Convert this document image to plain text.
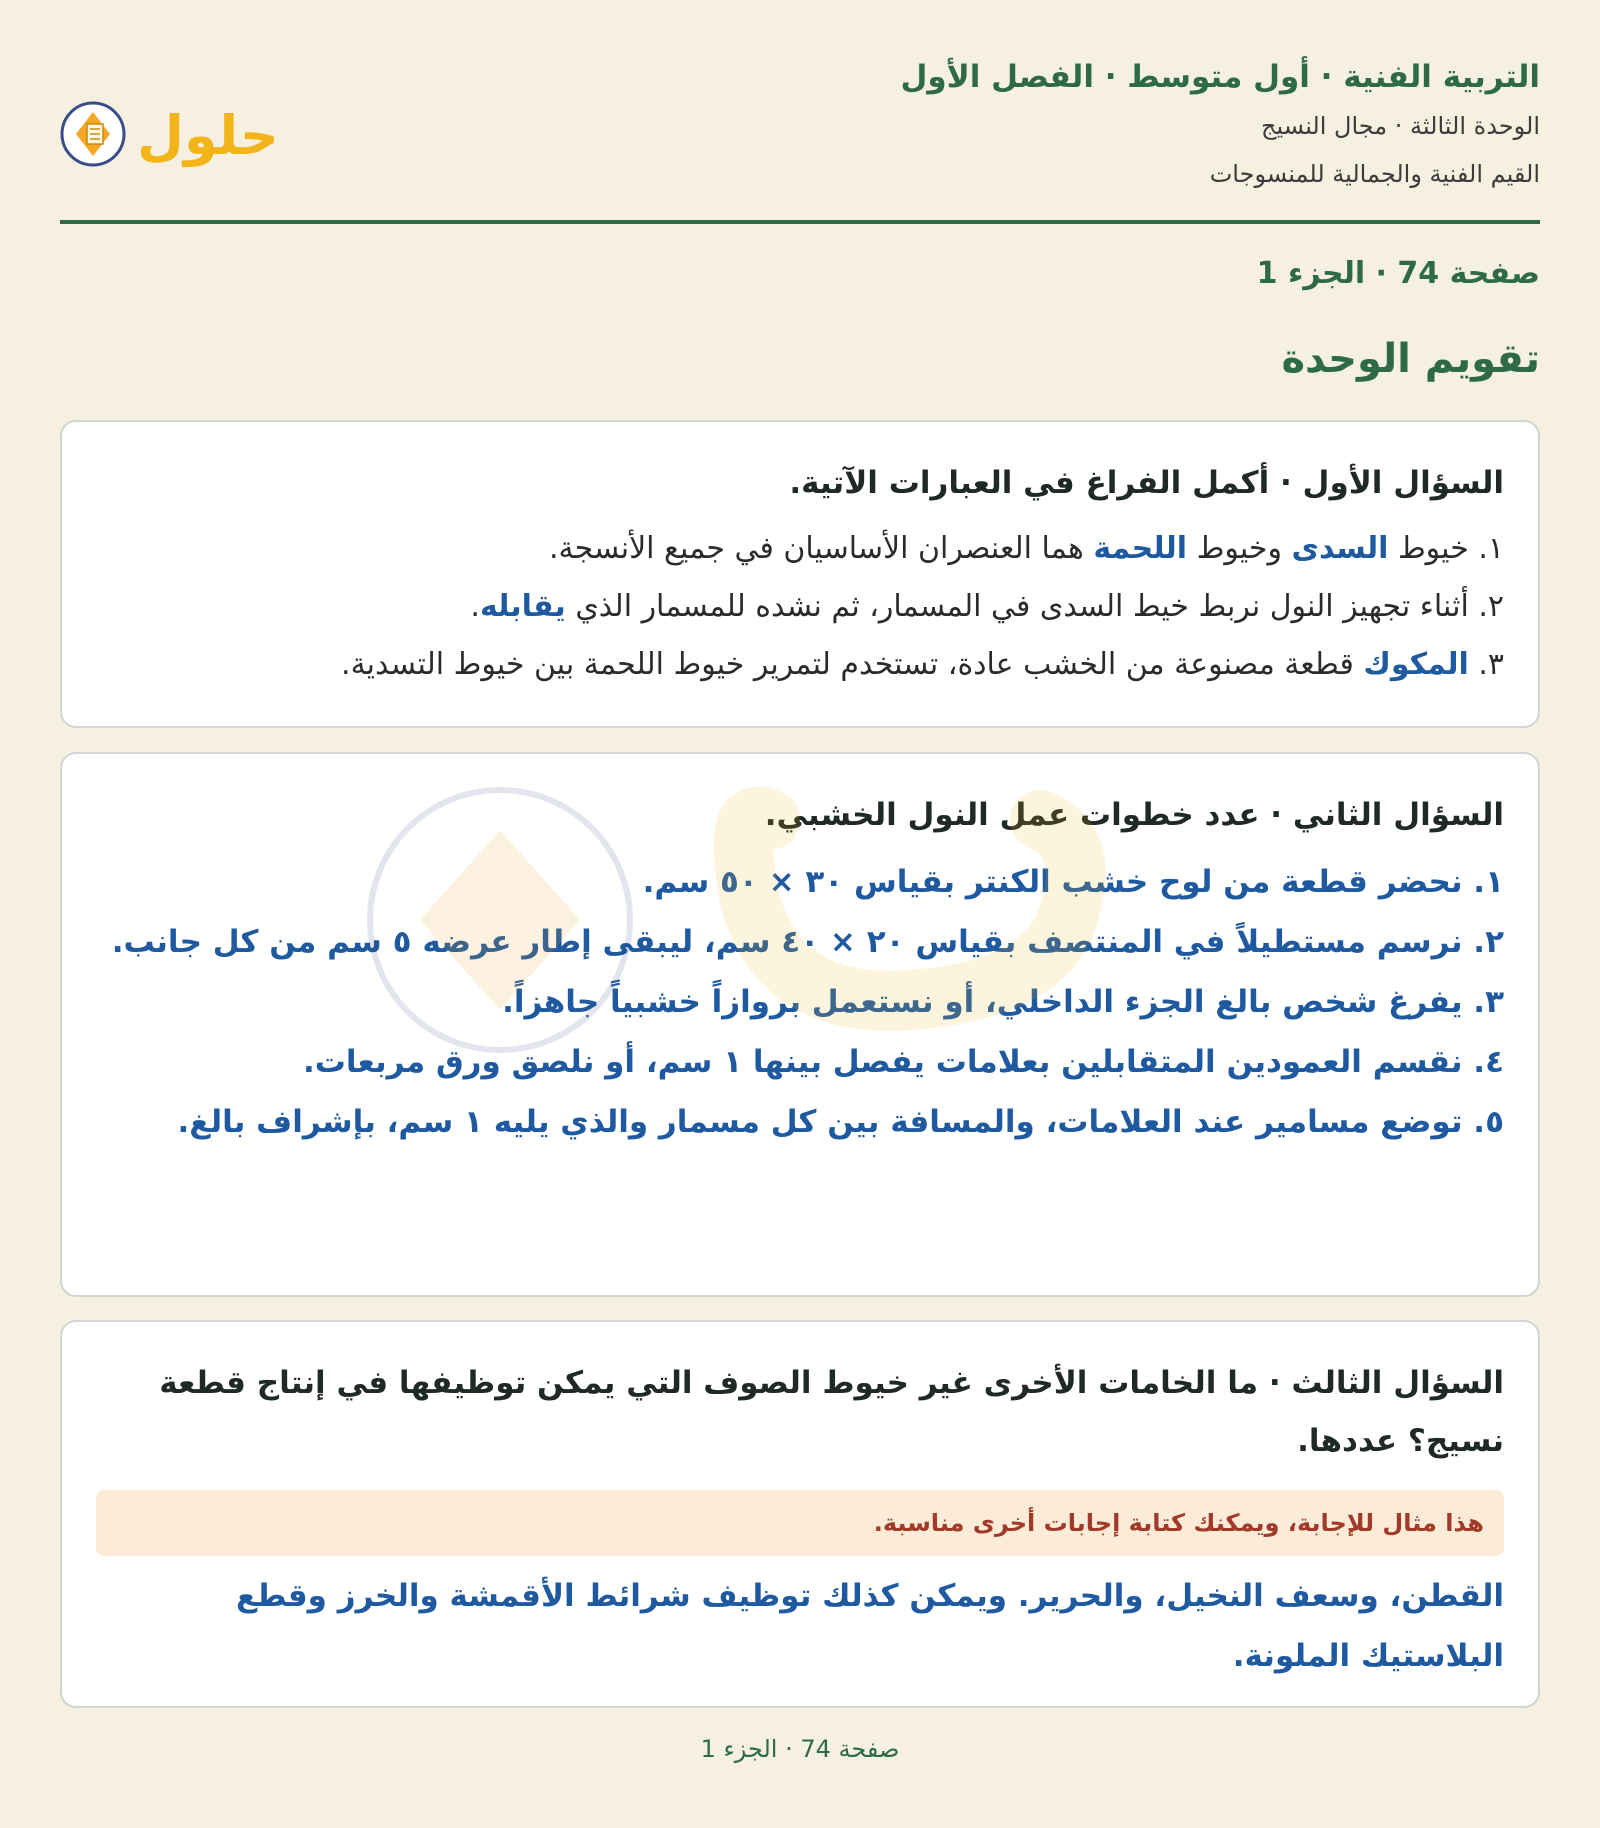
التربية الفنية · أول متوسط · الفصل الأول

الوحدة الثالثة · مجال النسيج

القيم الفنية والجمالية للمنسوجات

حلول

صفحة 74 · الجزء 1

تقويم الوحدة

السؤال الأول · أكمل الفراغ في العبارات الآتية.

١. خيوط السدى وخيوط اللحمة هما العنصران الأساسيان في جميع الأنسجة.

٢. أثناء تجهيز النول نربط خيط السدى في المسمار، ثم نشده للمسمار الذي يقابله.

٣. المكوك قطعة مصنوعة من الخشب عادة، تستخدم لتمرير خيوط اللحمة بين خيوط التسدية.

السؤال الثاني · عدد خطوات عمل النول الخشبي.

١. نحضر قطعة من لوح خشب الكنتر بقياس ٣٠ × ٥٠ سم.

٢. نرسم مستطيلاً في المنتصف بقياس ٢٠ × ٤٠ سم، ليبقى إطار عرضه ٥ سم من كل جانب.

٣. يفرغ شخص بالغ الجزء الداخلي، أو نستعمل بروازاً خشبياً جاهزاً.

٤. نقسم العمودين المتقابلين بعلامات يفصل بينها ١ سم، أو نلصق ورق مربعات.

٥. توضع مسامير عند العلامات، والمسافة بين كل مسمار والذي يليه ١ سم، بإشراف بالغ.

السؤال الثالث · ما الخامات الأخرى غير خيوط الصوف التي يمكن توظيفها في إنتاج قطعة نسيج؟ عددها.

هذا مثال للإجابة، ويمكنك كتابة إجابات أخرى مناسبة.

القطن، وسعف النخيل، والحرير. ويمكن كذلك توظيف شرائط الأقمشة والخرز وقطع البلاستيك الملونة.

صفحة 74 · الجزء 1
